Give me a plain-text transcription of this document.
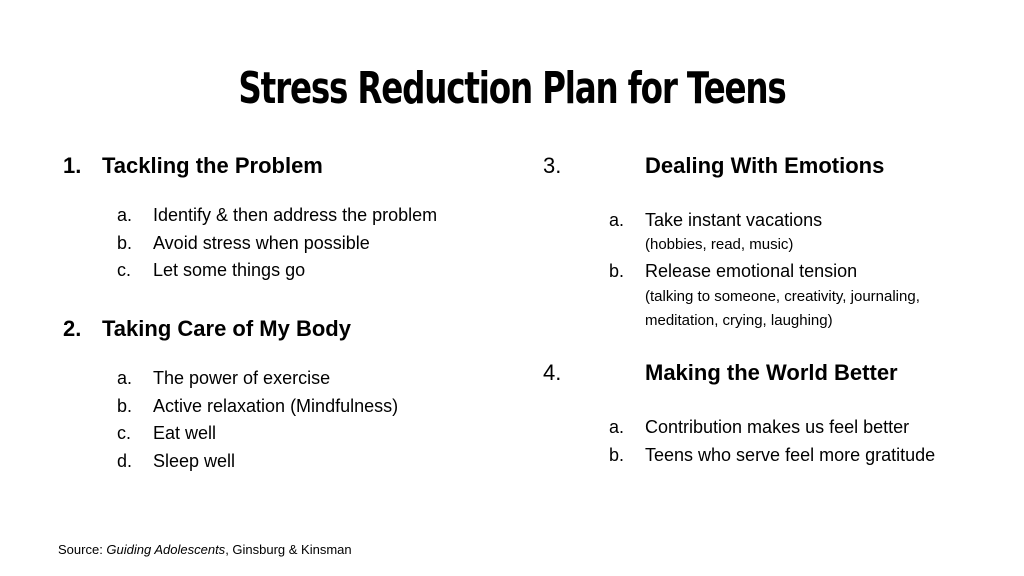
Stress Reduction Plan for Teens
1. Tackling the Problem
a. Identify & then address the problem
b. Avoid stress when possible
c. Let some things go
2. Taking Care of My Body
a. The power of exercise
b. Active relaxation (Mindfulness)
c. Eat well
d. Sleep well
3.	Dealing With Emotions
a. Take instant vacations
(hobbies, read, music)
b. Release emotional tension
(talking to someone, creativity, journaling,
meditation, crying, laughing)
4.	Making the World Better
a. Contribution makes us feel better
b. Teens who serve feel more gratitude
Source: Guiding Adolescents, Ginsburg & Kinsman
